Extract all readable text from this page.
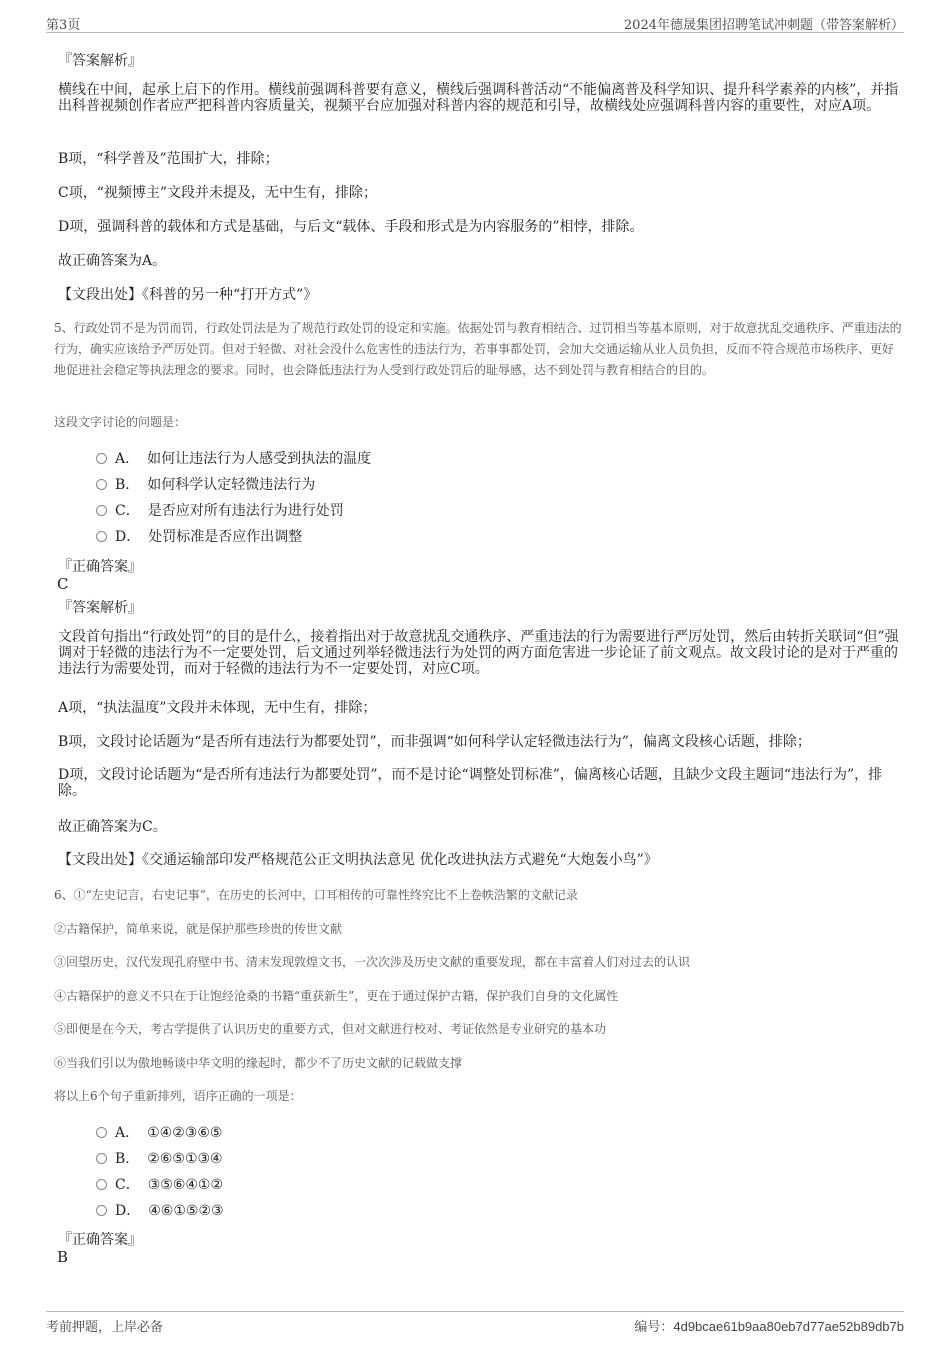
第3页	2024年德晟集团招聘笔试冲刺题（带答案解析）
『答案解析』
横线在中间，起承上启下的作用。横线前强调科普要有意义，横线后强调科普活动“不能偏离普及科学知识、提升科学素养的内核”，并指出科普视频创作者应严把科普内容质量关，视频平台应加强对科普内容的规范和引导，故横线处应强调科普内容的重要性，对应A项。
B项，“科学普及”范围扩大，排除；
C项，“视频博主”文段并未提及，无中生有，排除；
D项，强调科普的载体和方式是基础，与后文“载体、手段和形式是为内容服务的”相悖，排除。
故正确答案为A。
【文段出处】《科普的另一种“打开方式”》
5、行政处罚不是为罚而罚，行政处罚法是为了规范行政处罚的设定和实施。依据处罚与教育相结合、过罚相当等基本原则，对于故意扰乱交通秩序、严重违法的行为，确实应该给予严厉处罚。但对于轻微、对社会没什么危害性的违法行为，若事事都处罚，会加大交通运输从业人员负担，反而不符合规范市场秩序、更好地促进社会稳定等执法理念的要求。同时，也会降低违法行为人受到行政处罚后的耻辱感，达不到处罚与教育相结合的目的。
这段文字讨论的问题是：
A． 如何让违法行为人感受到执法的温度
B． 如何科学认定轻微违法行为
C． 是否应对所有违法行为进行处罚
D． 处罚标准是否应作出调整
『正确答案』
C
『答案解析』
文段首句指出“行政处罚”的目的是什么，接着指出对于故意扰乱交通秩序、严重违法的行为需要进行严厉处罚，然后由转折关联词“但”强调对于轻微的违法行为不一定要处罚，后文通过列举轻微违法行为处罚的两方面危害进一步论证了前文观点。故文段讨论的是对于严重的违法行为需要处罚，而对于轻微的违法行为不一定要处罚，对应C项。
A项，“执法温度”文段并未体现，无中生有，排除；
B项，文段讨论话题为“是否所有违法行为都要处罚”，而非强调“如何科学认定轻微违法行为”，偏离文段核心话题，排除；
D项，文段讨论话题为“是否所有违法行为都要处罚”，而不是讨论“调整处罚标准”，偏离核心话题，且缺少文段主题词“违法行为”，排除。
故正确答案为C。
【文段出处】《交通运输部印发严格规范公正文明执法意见 优化改进执法方式避免“大炮轰小鸟”》
6、①“左史记言，右史记事”，在历史的长河中，口耳相传的可靠性终究比不上卷帙浩繁的文献记录
②古籍保护，简单来说，就是保护那些珍贵的传世文献
③回望历史，汉代发现孔府壁中书、清末发现敦煌文书，一次次涉及历史文献的重要发现，都在丰富着人们对过去的认识
④古籍保护的意义不只在于让饱经沧桑的书籍“重获新生”，更在于通过保护古籍，保护我们自身的文化属性
⑤即便是在今天，考古学提供了认识历史的重要方式，但对文献进行校对、考证依然是专业研究的基本功
⑥当我们引以为傲地畅谈中华文明的缘起时，都少不了历史文献的记载做支撑
将以上6个句子重新排列，语序正确的一项是：
A． ①④②③⑥⑤
B． ②⑥⑤①③④
C． ③⑤⑥④①②
D． ④⑥①⑤②③
『正确答案』
B
考前押题，上岸必备	编号：4d9bcae61b9aa80eb7d77ae52b89db7b
